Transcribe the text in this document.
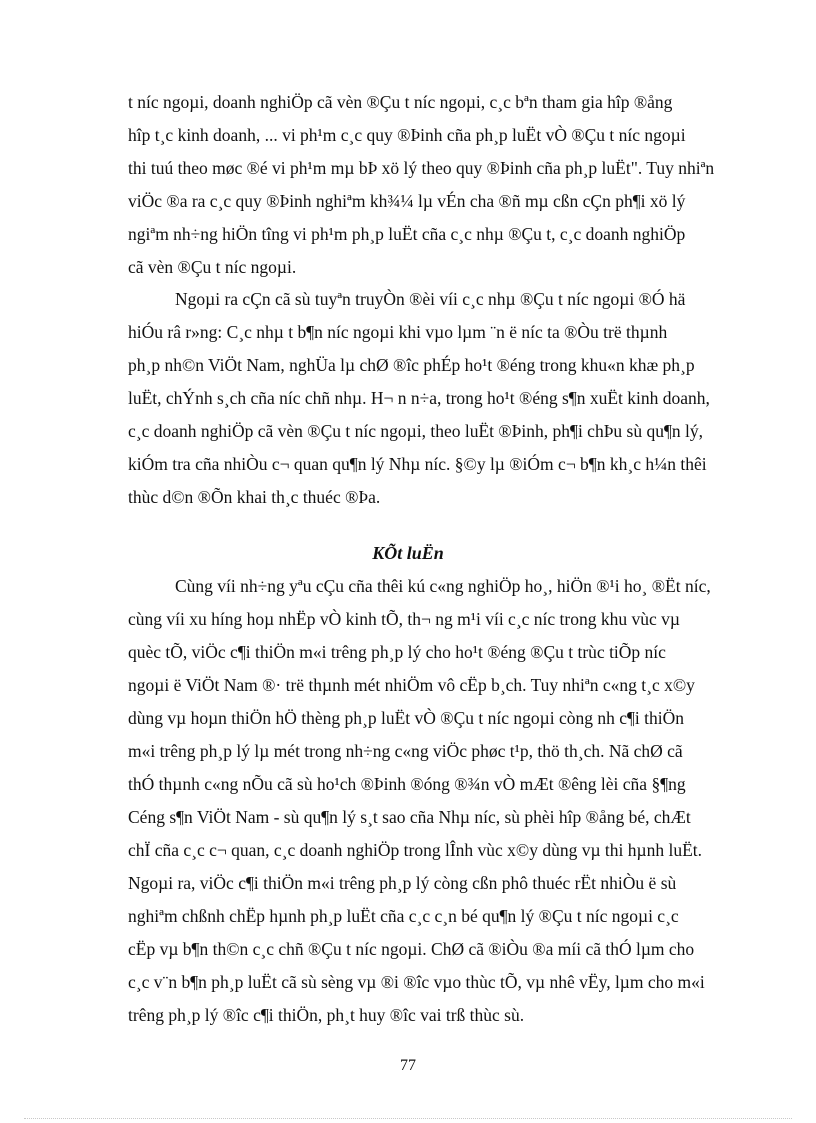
t níc ngoµi, doanh nghiÖp cã vèn ®Çu t níc ngoµi, c¸c bªn tham gia hîp ®ång
hîp t¸c kinh doanh, ... vi ph¹m c¸c quy ®Þinh cña ph¸p luËt vÒ ®Çu t níc ngoµi
thi tuú theo møc ®é vi ph¹m mµ bÞ xö lý theo quy ®Þinh cña ph¸p luËt". Tuy nhiªn
viÖc ®a ra c¸c quy ®Þinh nghiªm kh¾¼ lµ vÉn cha ®ñ mµ cßn cÇn ph¶i xö lý
ngiªm nh÷ng hiÖn tîng vi ph¹m ph¸p luËt cña c¸c nhµ ®Çu t, c¸c doanh nghiÖp
cã vèn ®Çu t níc ngoµi.
Ngoµi ra cÇn cã sù tuyªn truyÒn ®èi víi c¸c nhµ ®Çu t níc ngoµi ®Ó hä
hiÓu râ r»ng: C¸c nhµ t b¶n níc ngoµi khi vµo lµm ¨n ë níc ta ®Òu trë thµnh
ph¸p nh©n ViÖt Nam, nghÜa lµ chØ ®îc phÉp ho¹t ®éng trong khu«n khæ ph¸p
luËt, chÝnh s¸ch cña níc chñ nhµ. H¬ n n÷a, trong ho¹t ®éng s¶n xuËt kinh doanh,
c¸c doanh nghiÖp cã vèn ®Çu t níc ngoµi, theo luËt ®Þinh, ph¶i chÞu sù qu¶n lý,
kiÓm tra cña nhiÒu c¬ quan qu¶n lý Nhµ níc. §©y lµ ®iÓm c¬ b¶n kh¸c h¼n thêi
thùc d©n ®Õn khai th¸c thuéc ®Þa.
KÕt luËn
Cùng víi nh÷ng yªu cÇu cña thêi kú c«ng nghiÖp ho¸, hiÖn ®¹i ho¸ ®Ët níc,
cùng víi xu híng hoµ nhËp vÒ kinh tÕ, th¬ ng m¹i víi c¸c níc trong khu vùc vµ
quèc tÕ, viÖc c¶i thiÖn m«i trêng ph¸p lý cho ho¹t ®éng ®Çu t trùc tiÕp níc
ngoµi ë ViÖt Nam ®· trë thµnh mét nhiÖm vô cËp b¸ch. Tuy nhiªn c«ng t¸c x©y
dùng vµ hoµn thiÖn hÖ thèng ph¸p luËt vÒ ®Çu t níc ngoµi còng nh c¶i thiÖn
m«i trêng ph¸p lý lµ mét trong nh÷ng c«ng viÖc phøc t¹p, thö th¸ch. Nã chØ cã
thÓ thµnh c«ng nÕu cã sù ho¹ch ®Þinh ®óng ®¾n vÒ mÆt ®êng lèi cña §¶ng
Céng s¶n ViÖt Nam - sù qu¶n lý s¸t sao cña Nhµ níc, sù phèi hîp ®ång bé, chÆt
chÏ cña c¸c c¬ quan, c¸c doanh nghiÖp trong lÎnh vùc x©y dùng vµ thi hµnh luËt.
Ngoµi ra, viÖc c¶i thiÖn m«i trêng ph¸p lý còng cßn phô thuéc rËt nhiÒu ë sù
nghiªm chßnh chËp hµnh ph¸p luËt cña c¸c c¸n bé qu¶n lý ®Çu t níc ngoµi c¸c
cËp vµ b¶n th©n c¸c chñ ®Çu t níc ngoµi. ChØ cã ®iÒu ®a míi cã thÓ lµm cho
c¸c v¨n b¶n ph¸p luËt cã sù sèng vµ ®i ®îc vµo thùc tÕ, vµ nhê vËy, lµm cho m«i
trêng ph¸p lý ®îc c¶i thiÖn, ph¸t huy ®îc vai trß thùc sù.
77
